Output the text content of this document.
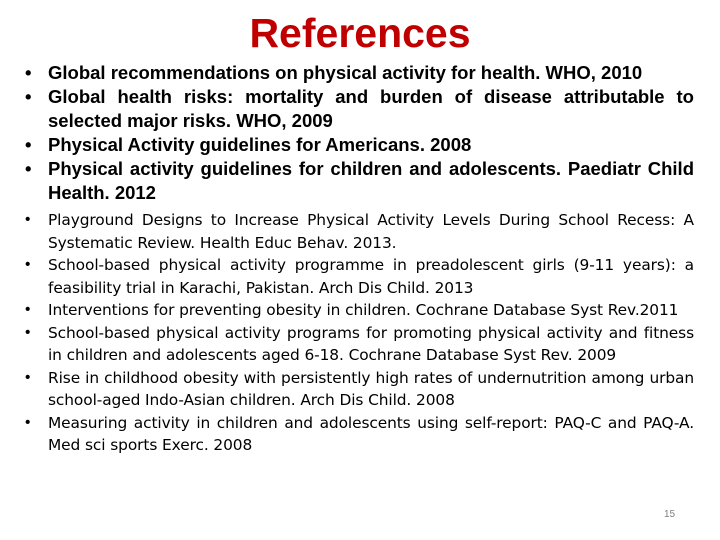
References
• Global recommendations on physical activity for health. WHO, 2010
• Global health risks: mortality and burden of disease attributable to selected major risks. WHO, 2009
• Physical Activity guidelines for Americans. 2008
• Physical activity guidelines for children and adolescents. Paediatr Child Health. 2012
• Playground Designs to Increase Physical Activity Levels During School Recess: A Systematic Review. Health Educ Behav. 2013.
• School-based physical activity programme in preadolescent girls (9-11 years): a feasibility trial in Karachi, Pakistan. Arch Dis Child. 2013
• Interventions for preventing obesity in children. Cochrane Database Syst Rev.2011
• School-based physical activity programs for promoting physical activity and fitness in children and adolescents aged 6-18. Cochrane Database Syst Rev. 2009
• Rise in childhood obesity with persistently high rates of undernutrition among urban school-aged Indo-Asian children. Arch Dis Child. 2008
• Measuring activity in children and adolescents using self-report: PAQ-C and PAQ-A. Med sci sports Exerc. 2008
15
